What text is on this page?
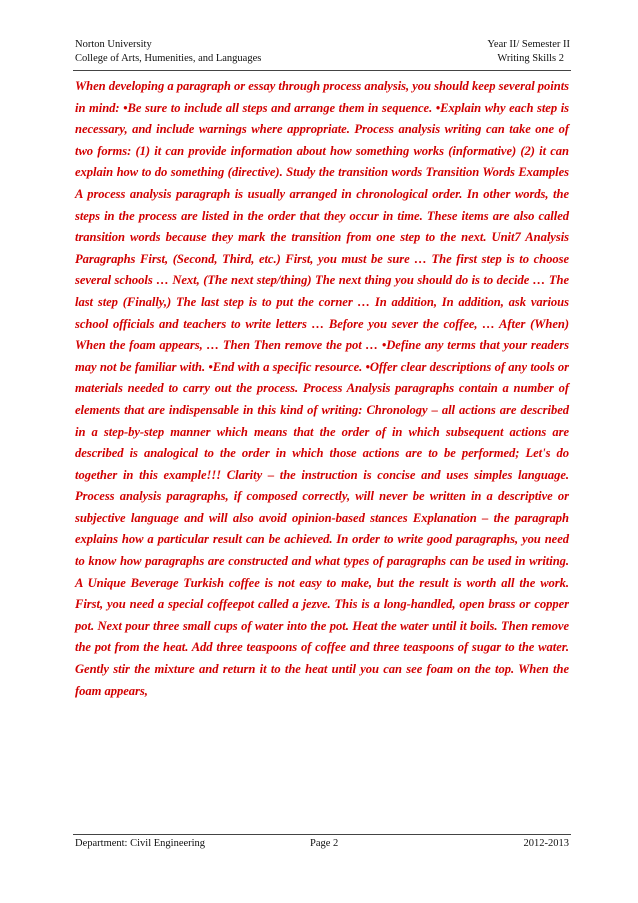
Norton University	Year II/ Semester II
College of Arts, Humenities, and Languages	Writing Skills 2
When developing a paragraph or essay through process analysis, you should keep several points in mind: •Be sure to include all steps and arrange them in sequence. •Explain why each step is necessary, and include warnings where appropriate. Process analysis writing can take one of two forms: (1) it can provide information about how something works (informative) (2) it can explain how to do something (directive). Study the transition words Transition Words Examples A process analysis paragraph is usually arranged in chronological order. In other words, the steps in the process are listed in the order that they occur in time. These items are also called transition words because they mark the transition from one step to the next. Unit7 Analysis Paragraphs First, (Second, Third, etc.) First, you must be sure … The first step is to choose several schools … Next, (The next step/thing) The next thing you should do is to decide … The last step (Finally,) The last step is to put the corner … In addition, In addition, ask various school officials and teachers to write letters … Before you sever the coffee, … After (When) When the foam appears, … Then Then remove the pot … •Define any terms that your readers may not be familiar with. •End with a specific resource. •Offer clear descriptions of any tools or materials needed to carry out the process. Process Analysis paragraphs contain a number of elements that are indispensable in this kind of writing: Chronology – all actions are described in a step-by-step manner which means that the order of in which subsequent actions are described is analogical to the order in which those actions are to be performed; Let's do together in this example!!! Clarity – the instruction is concise and uses simples language. Process analysis paragraphs, if composed correctly, will never be written in a descriptive or subjective language and will also avoid opinion-based stances Explanation – the paragraph explains how a particular result can be achieved. In order to write good paragraphs, you need to know how paragraphs are constructed and what types of paragraphs can be used in writing. A Unique Beverage Turkish coffee is not easy to make, but the result is worth all the work. First, you need a special coffeepot called a jezve. This is a long-handled, open brass or copper pot. Next pour three small cups of water into the pot. Heat the water until it boils. Then remove the pot from the heat. Add three teaspoons of coffee and three teaspoons of sugar to the water. Gently stir the mixture and return it to the heat until you can see foam on the top. When the foam appears,
Department: Civil Engineering	Page 2	2012-2013
